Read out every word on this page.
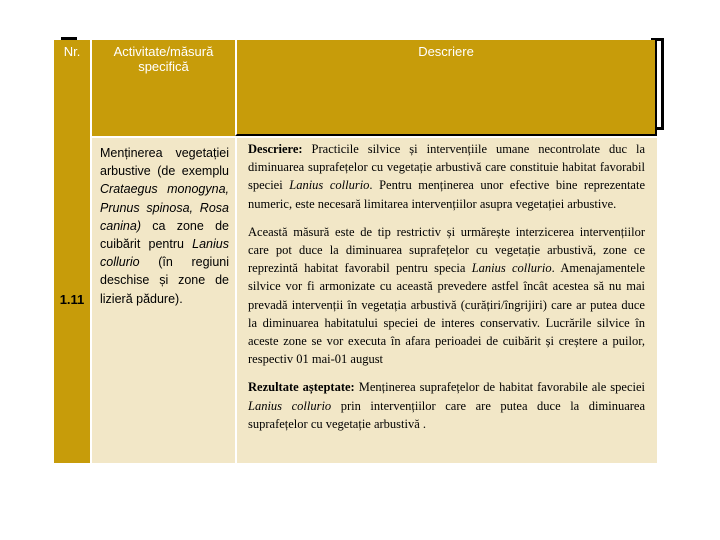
Nr.	Activitate/măsură specifică
Descriere
1.11
Menținerea vegetației arbustive (de exemplu Crataegus monogyna, Prunus spinosa, Rosa canina) ca zone de cuibărit pentru Lanius collurio (în regiuni deschise și zone de lizieră pădure).

Descriere: Practicile silvice și intervențiile umane necontrolate duc la diminuarea suprafețelor cu vegetație arbustivă care constituie habitat favorabil speciei Lanius collurio. Pentru menținerea unor efective bine reprezentate numeric, este necesară limitarea intervențiilor asupra vegetației arbustive.

Această măsură este de tip restrictiv și urmărește interzicerea intervențiilor care pot duce la diminuarea suprafețelor cu vegetație arbustivă, zone ce reprezintă habitat favorabil pentru specia Lanius collurio. Amenajamentele silvice vor fi armonizate cu această prevedere astfel încât acestea să nu mai prevadă intervenții în vegetația arbustivă (curățiri/îngrijiri) care ar putea duce la diminuarea habitatului speciei de interes conservativ. Lucrările silvice în aceste zone se vor executa în afara perioadei de cuibărit și creștere a puilor, respectiv 01 mai-01 august

Rezultate așteptate: Menținerea suprafețelor de habitat favorabile ale speciei Lanius collurio prin intervențiilor care are putea duce la diminuarea suprafețelor cu vegetație arbustivă .
